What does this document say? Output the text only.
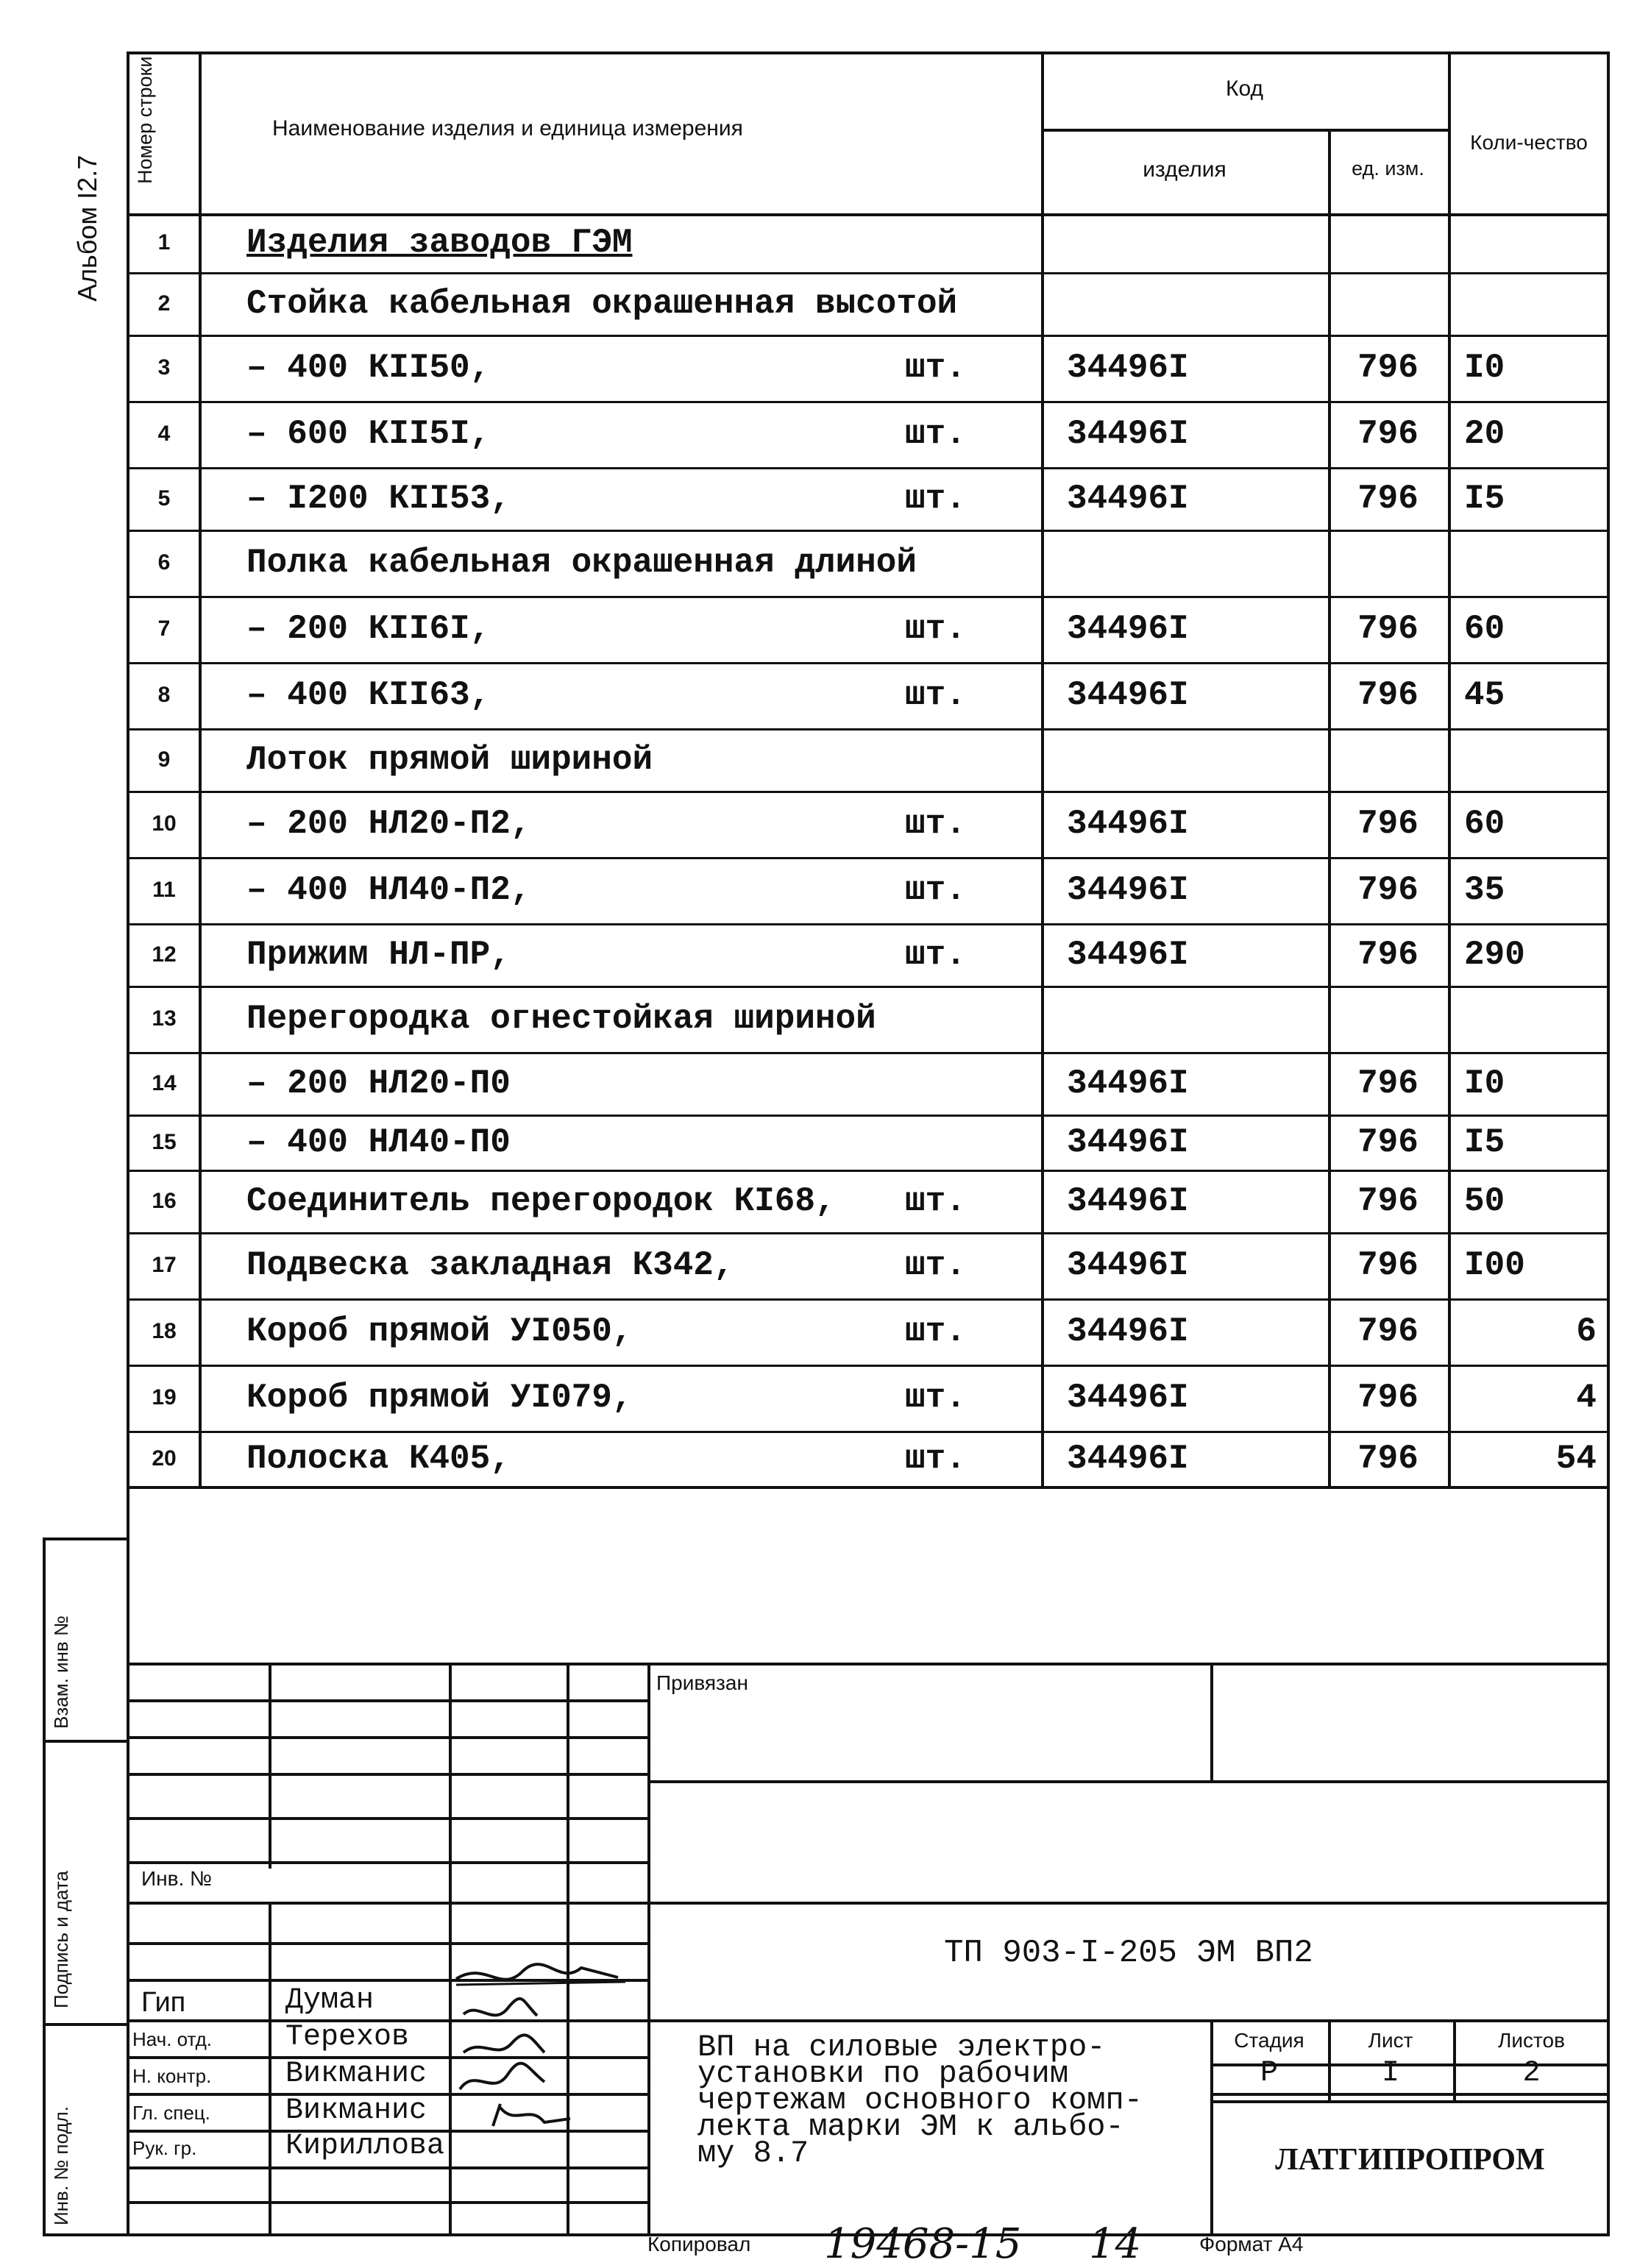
Альбом I2.7
Взам. инв №
Подпись и дата
Инв. № подл.
Номер строки	Наименование изделия и единица измерения
Код
изделия	ед. изм.
Коли-чество
1	Изделия заводов ГЭМ
2	Стойка кабельная окрашенная высотой
3	– 400 КII50,	шт.	34496I	796	I0
4	– 600 КII5I,	шт.	34496I	796	20
5	– I200 КII53,	шт.	34496I	796	I5
6	Полка кабельная окрашенная длиной
7	– 200 КII6I,	шт.	34496I	796	60
8	– 400 КII63,	шт.	34496I	796	45
9	Лоток прямой шириной
10	– 200 НЛ20-П2,	шт.	34496I	796	60
11	– 400 НЛ40-П2,	шт.	34496I	796	35
12	Прижим НЛ-ПР,	шт.	34496I	796	290
13	Перегородка огнестойкая шириной
14	– 200 НЛ20-П0	34496I	796	I0
15	– 400 НЛ40-П0	34496I	796	I5
16	Соединитель перегородок КI68,	шт.	34496I	796	50
17	Подвеска закладная К342,	шт.	34496I	796	I00
18	Короб прямой УI050,	шт.	34496I	796	6
19	Короб прямой УI079,	шт.	34496I	796	4
20	Полоска К405,	шт.	34496I	796	54
Привязан
Инв. №
ТП 903-I-205 ЭМ ВП2
Гип	Думан
Нач. отд.	Терехов
Н. контр.	Викманис
Гл. спец.	Викманис
Рук. гр.	Кириллова
ВП на силовые электро-
установки по рабочим
чертежам основного комп-
лекта марки ЭМ к альбо-
му 8.7
Стадия	Лист	Листов
Р	I	2
ЛАТГИПРОПРОМ
Копировал 19468-15 14	Формат А4
